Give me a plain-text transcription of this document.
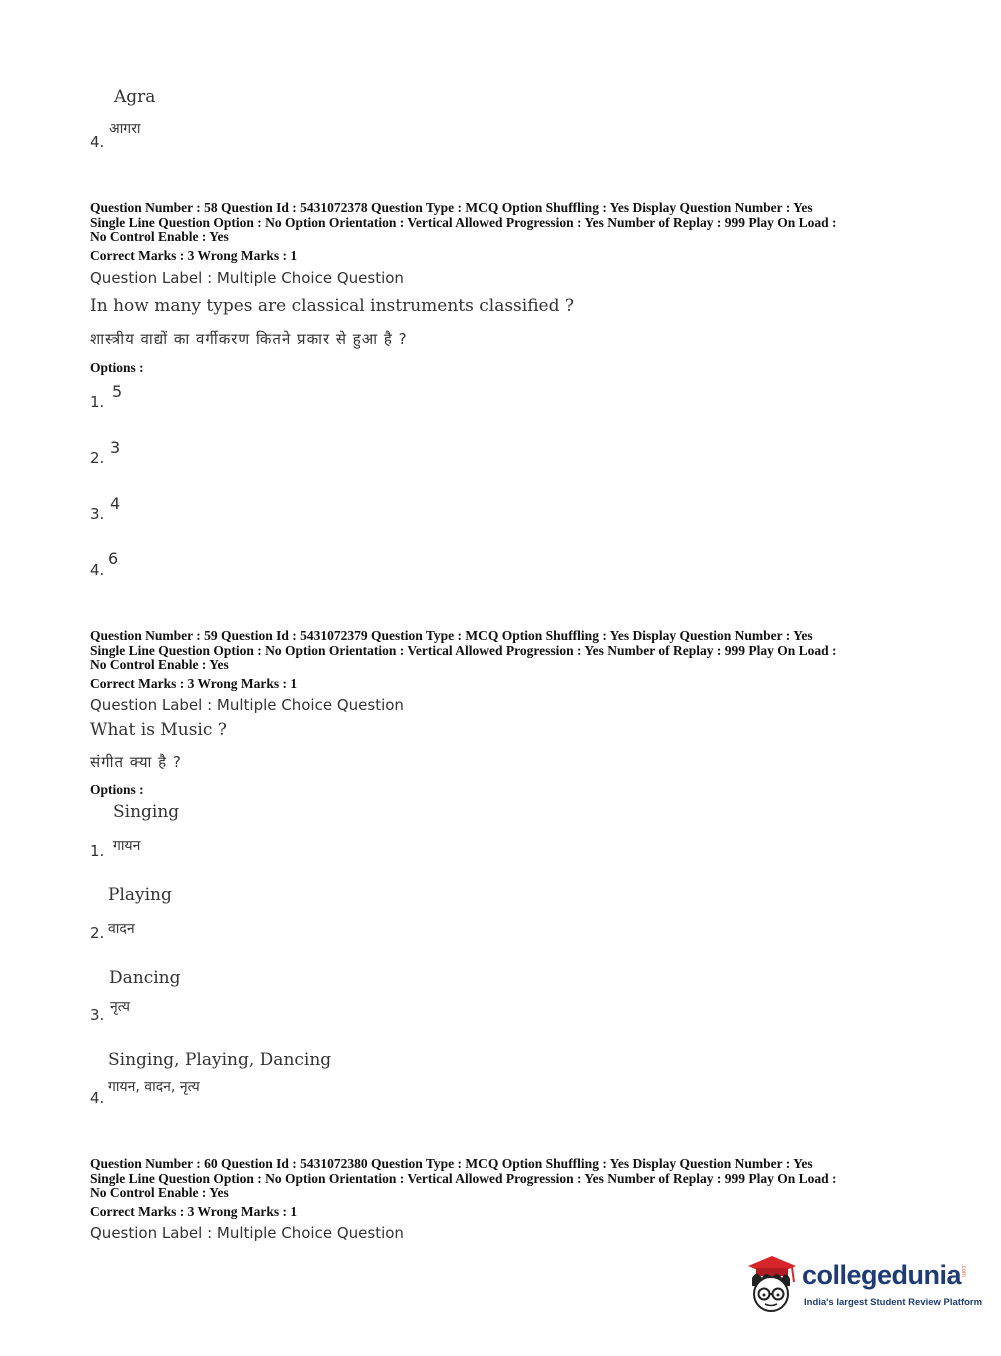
Agra
आगरा
4.
Question Number : 58 Question Id : 5431072378 Question Type : MCQ Option Shuffling : Yes Display Question Number : Yes
Single Line Question Option : No Option Orientation : Vertical Allowed Progression : Yes Number of Replay : 999 Play On Load :
No Control Enable : Yes
Correct Marks : 3 Wrong Marks : 1
Question Label : Multiple Choice Question
In how many types are classical instruments classified ?
शास्त्रीय वाद्यों का वर्गीकरण कितने प्रकार से हुआ है ?
Options :
1.
5
2.
3
3.
4
4.
6
Question Number : 59 Question Id : 5431072379 Question Type : MCQ Option Shuffling : Yes Display Question Number : Yes
Single Line Question Option : No Option Orientation : Vertical Allowed Progression : Yes Number of Replay : 999 Play On Load :
No Control Enable : Yes
Correct Marks : 3 Wrong Marks : 1
Question Label : Multiple Choice Question
What is Music ?
संगीत क्या है ?
Options :
Singing
गायन
1.
Playing
वादन
2.
Dancing
नृत्य
3.
Singing, Playing, Dancing
गायन, वादन, नृत्य
4.
Question Number : 60 Question Id : 5431072380 Question Type : MCQ Option Shuffling : Yes Display Question Number : Yes
Single Line Question Option : No Option Orientation : Vertical Allowed Progression : Yes Number of Replay : 999 Play On Load :
No Control Enable : Yes
Correct Marks : 3 Wrong Marks : 1
Question Label : Multiple Choice Question
collegedunia
.com
India's largest Student Review Platform
